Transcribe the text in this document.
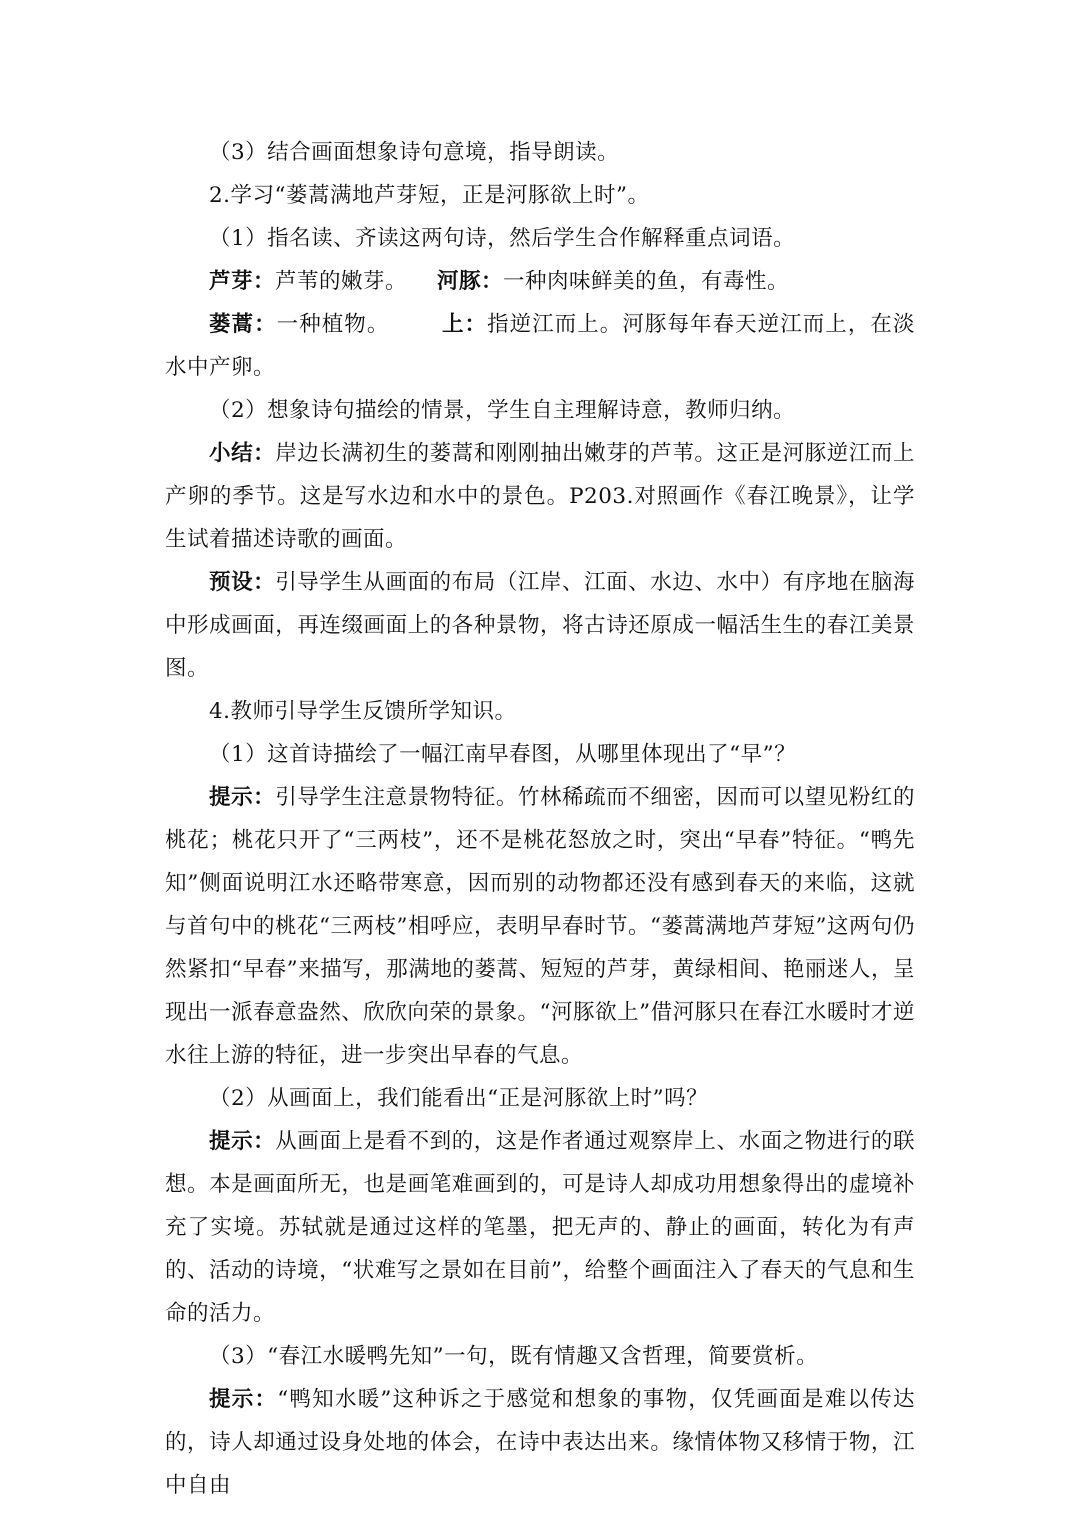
（3）结合画面想象诗句意境，指导朗读。

2.学习“蒌蒿满地芦芽短，正是河豚欲上时”。

（1）指名读、齐读这两句诗，然后学生合作解释重点词语。

芦芽：芦苇的嫩芽。 河豚：一种肉味鲜美的鱼，有毒性。

蒌蒿：一种植物。 上：指逆江而上。河豚每年春天逆江而上，在淡水中产卵。

（2）想象诗句描绘的情景，学生自主理解诗意，教师归纳。

小结：岸边长满初生的蒌蒿和刚刚抽出嫩芽的芦苇。这正是河豚逆江而上产卵的季节。这是写水边和水中的景色。P203.对照画作《春江晚景》，让学生试着描述诗歌的画面。

预设：引导学生从画面的布局（江岸、江面、水边、水中）有序地在脑海中形成画面，再连缀画面上的各种景物，将古诗还原成一幅活生生的春江美景图。

4.教师引导学生反馈所学知识。

（1）这首诗描绘了一幅江南早春图，从哪里体现出了“早”？

提示：引导学生注意景物特征。竹林稀疏而不细密，因而可以望见粉红的桃花；桃花只开了“三两枝”，还不是桃花怒放之时，突出“早春”特征。“鸭先知”侧面说明江水还略带寒意，因而别的动物都还没有感到春天的来临，这就与首句中的桃花“三两枝”相呼应，表明早春时节。“蒌蒿满地芦芽短”这两句仍然紧扣“早春”来描写，那满地的蒌蒿、短短的芦芽，黄绿相间、艳丽迷人，呈现出一派春意盎然、欣欣向荣的景象。“河豚欲上”借河豚只在春江水暖时才逆水往上游的特征，进一步突出早春的气息。

（2）从画面上，我们能看出“正是河豚欲上时”吗？

提示：从画面上是看不到的，这是作者通过观察岸上、水面之物进行的联想。本是画面所无，也是画笔难画到的，可是诗人却成功用想象得出的虚境补充了实境。苏轼就是通过这样的笔墨，把无声的、静止的画面，转化为有声的、活动的诗境，“状难写之景如在目前”，给整个画面注入了春天的气息和生命的活力。

（3）“春江水暖鸭先知”一句，既有情趣又含哲理，简要赏析。

提示：“鸭知水暖”这种诉之于感觉和想象的事物，仅凭画面是难以传达的，诗人却通过设身处地的体会，在诗中表达出来。缘情体物又移情于物，江中自由
